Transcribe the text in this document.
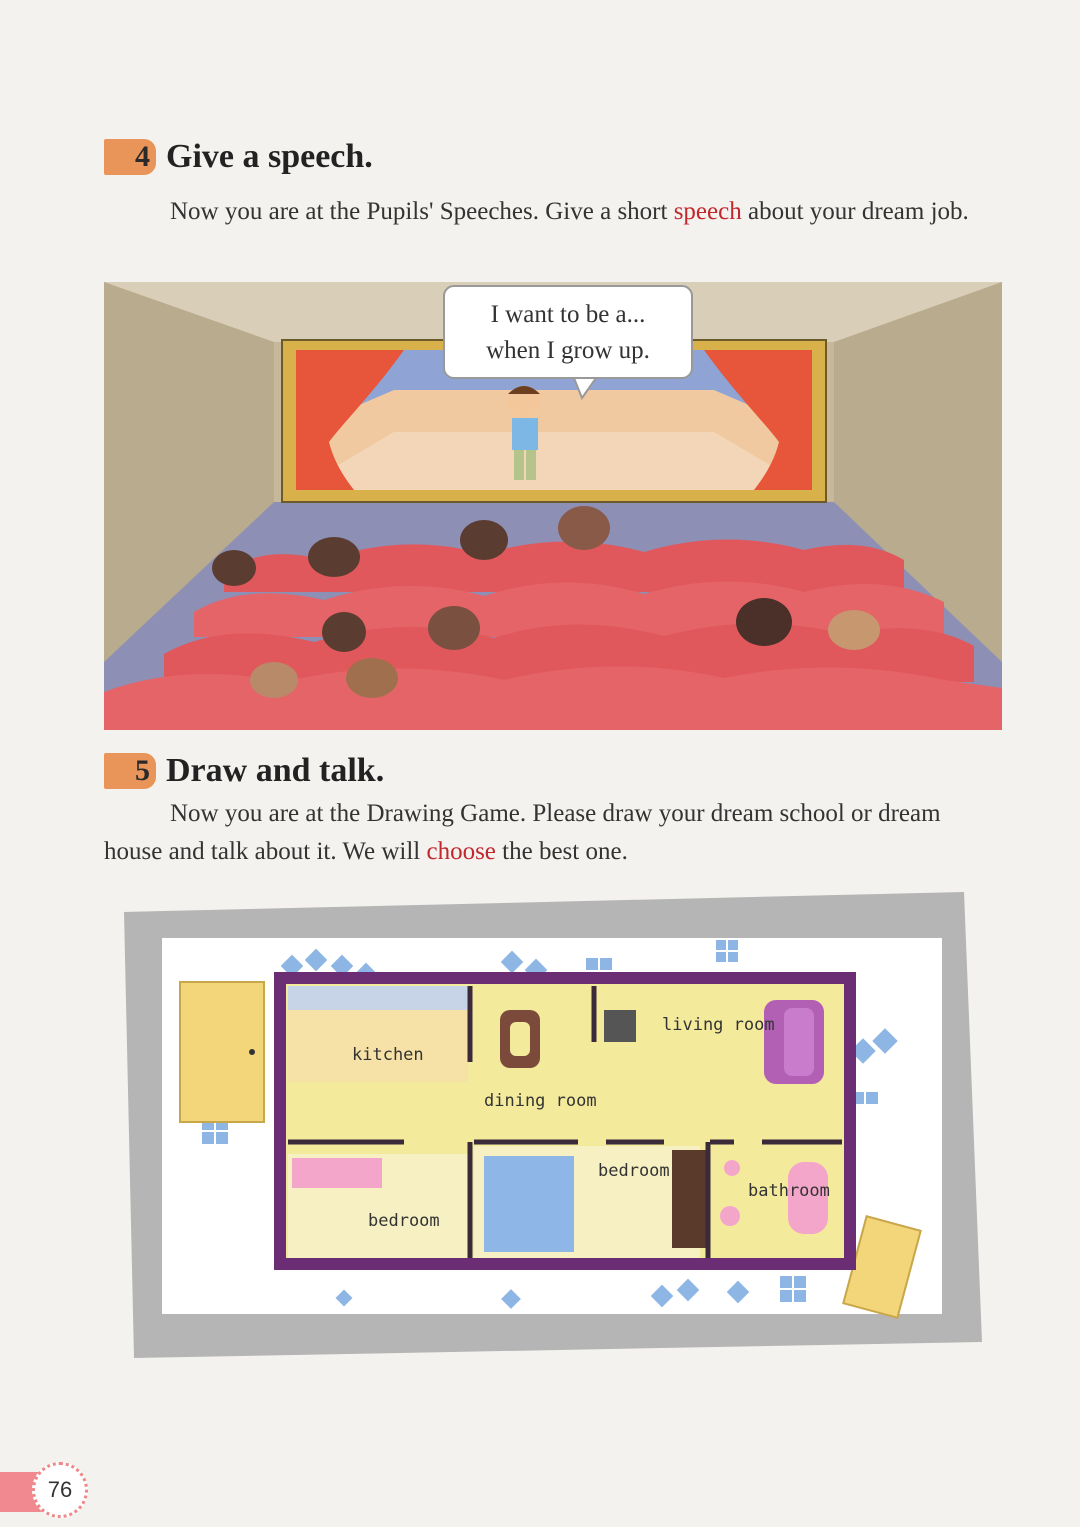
4 Give a speech.
Now you are at the Pupils' Speeches. Give a short speech about your dream job.
I want to be a...
when I grow up.
5 Draw and talk.
Now you are at the Drawing Game. Please draw your dream school or dream house and talk about it. We will choose the best one.
kitchen
dining room
living room
bedroom
bedroom
bathroom
76
